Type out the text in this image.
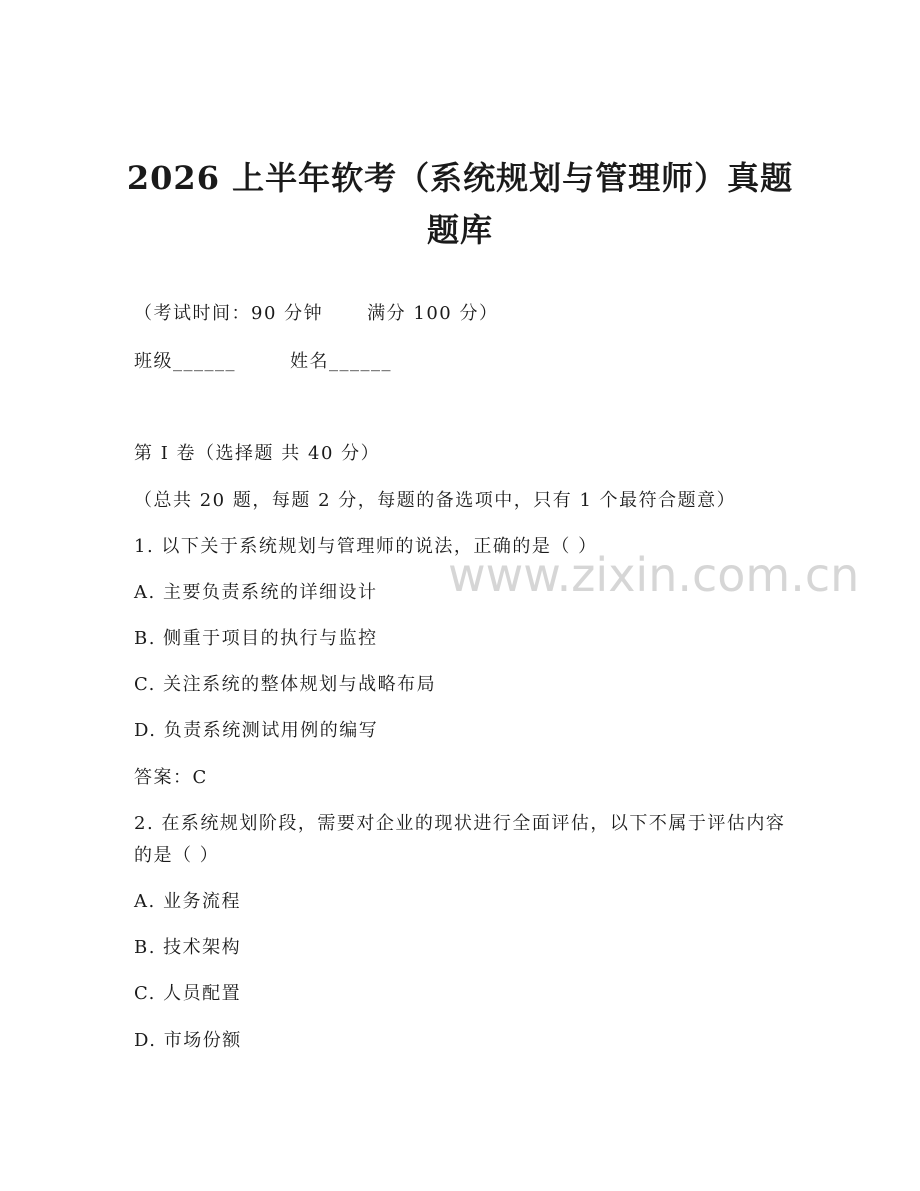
2026 上半年软考（系统规划与管理师）真题
题库
（考试时间：90 分钟 满分 100 分）
班级______	姓名______
第 I 卷（选择题 共 40 分）
（总共 20 题，每题 2 分，每题的备选项中，只有 1 个最符合题意）
1. 以下关于系统规划与管理师的说法，正确的是（ ）
A. 主要负责系统的详细设计
B. 侧重于项目的执行与监控
C. 关注系统的整体规划与战略布局
D. 负责系统测试用例的编写
答案：C
2. 在系统规划阶段，需要对企业的现状进行全面评估，以下不属于评估内容的是（ ）
A. 业务流程
B. 技术架构
C. 人员配置
D. 市场份额
www.zixin.com.cn
